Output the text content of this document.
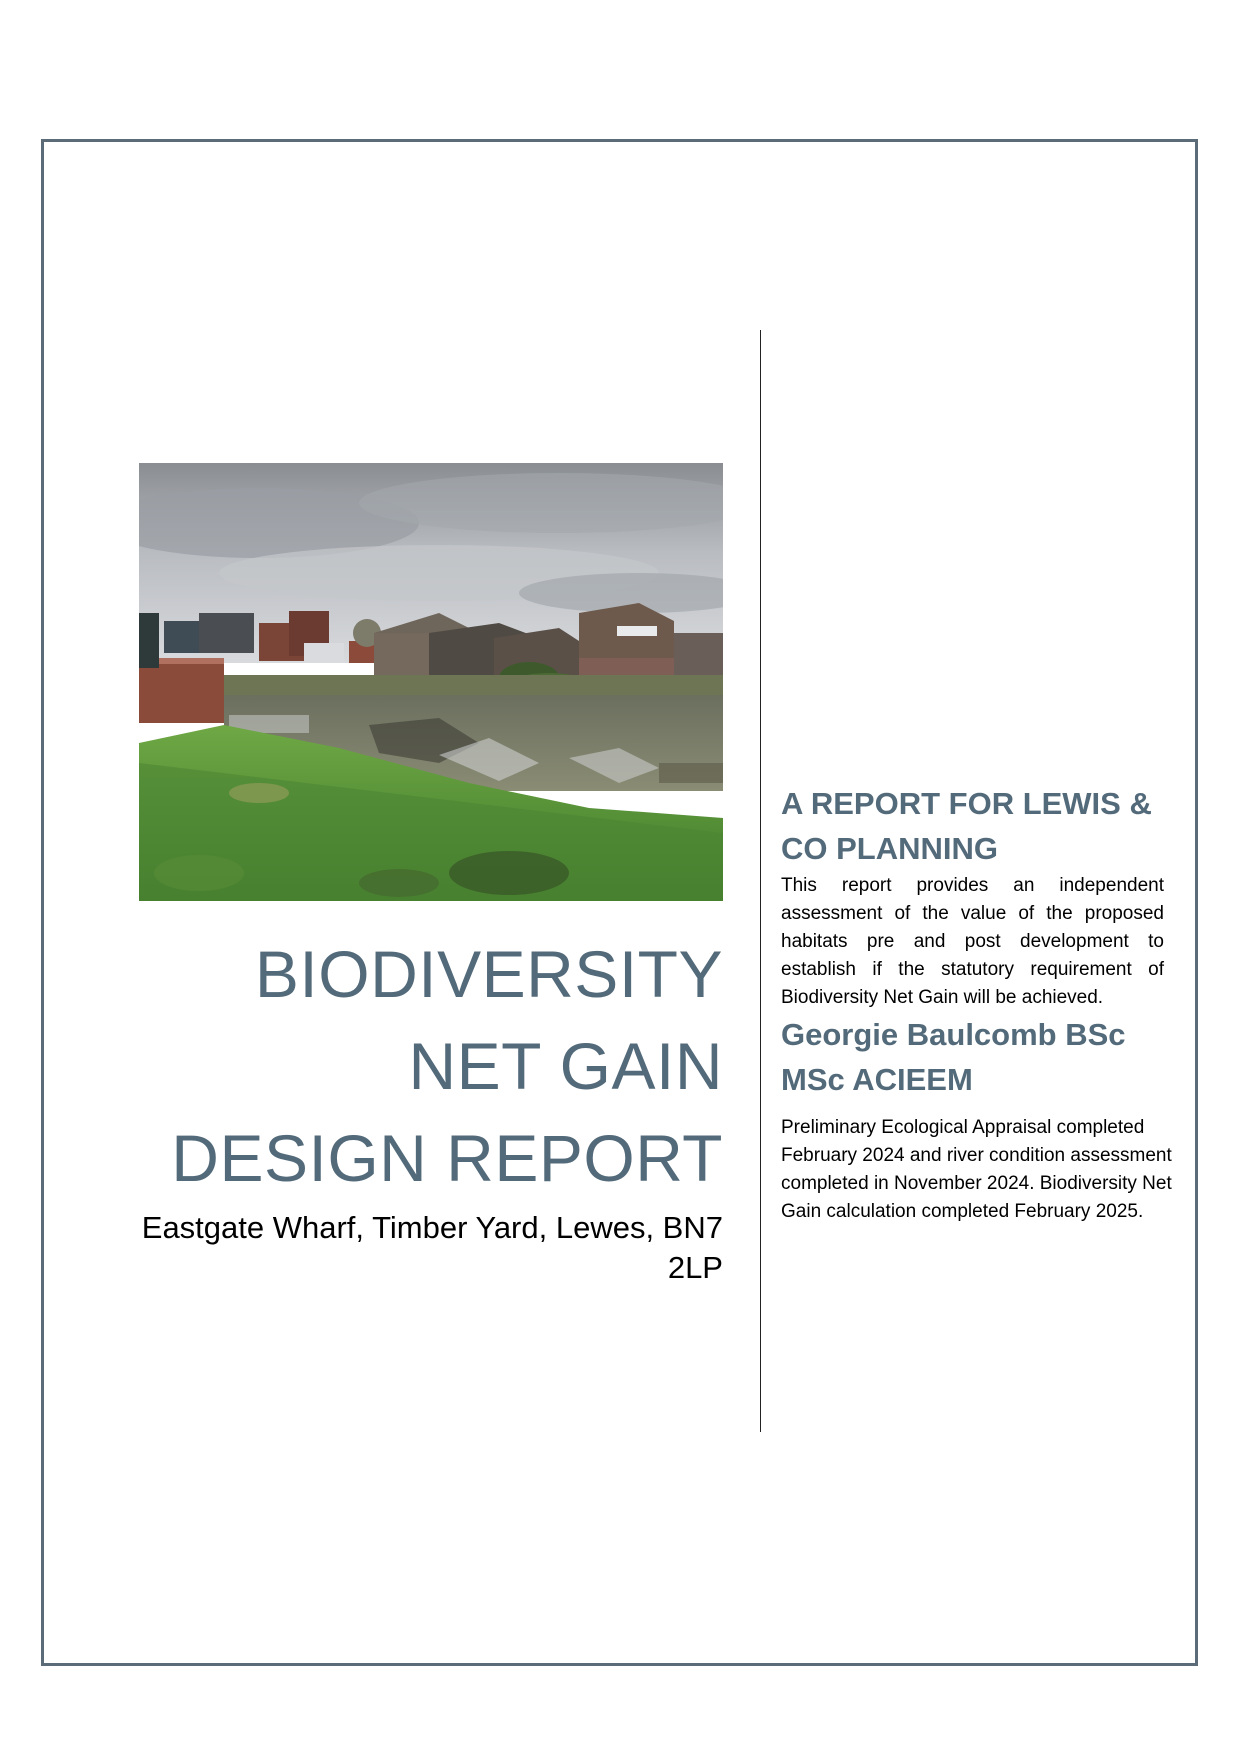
BIODIVERSITY NET GAIN DESIGN REPORT

Eastgate Wharf, Timber Yard, Lewes, BN7 2LP

A REPORT FOR LEWIS & CO PLANNING

This report provides an independent assessment of the value of the proposed habitats pre and post development to establish if the statutory requirement of Biodiversity Net Gain will be achieved.

Georgie Baulcomb BSc MSc ACIEEM

Preliminary Ecological Appraisal completed February 2024 and river condition assessment completed in November 2024. Biodiversity Net Gain calculation completed February 2025.
